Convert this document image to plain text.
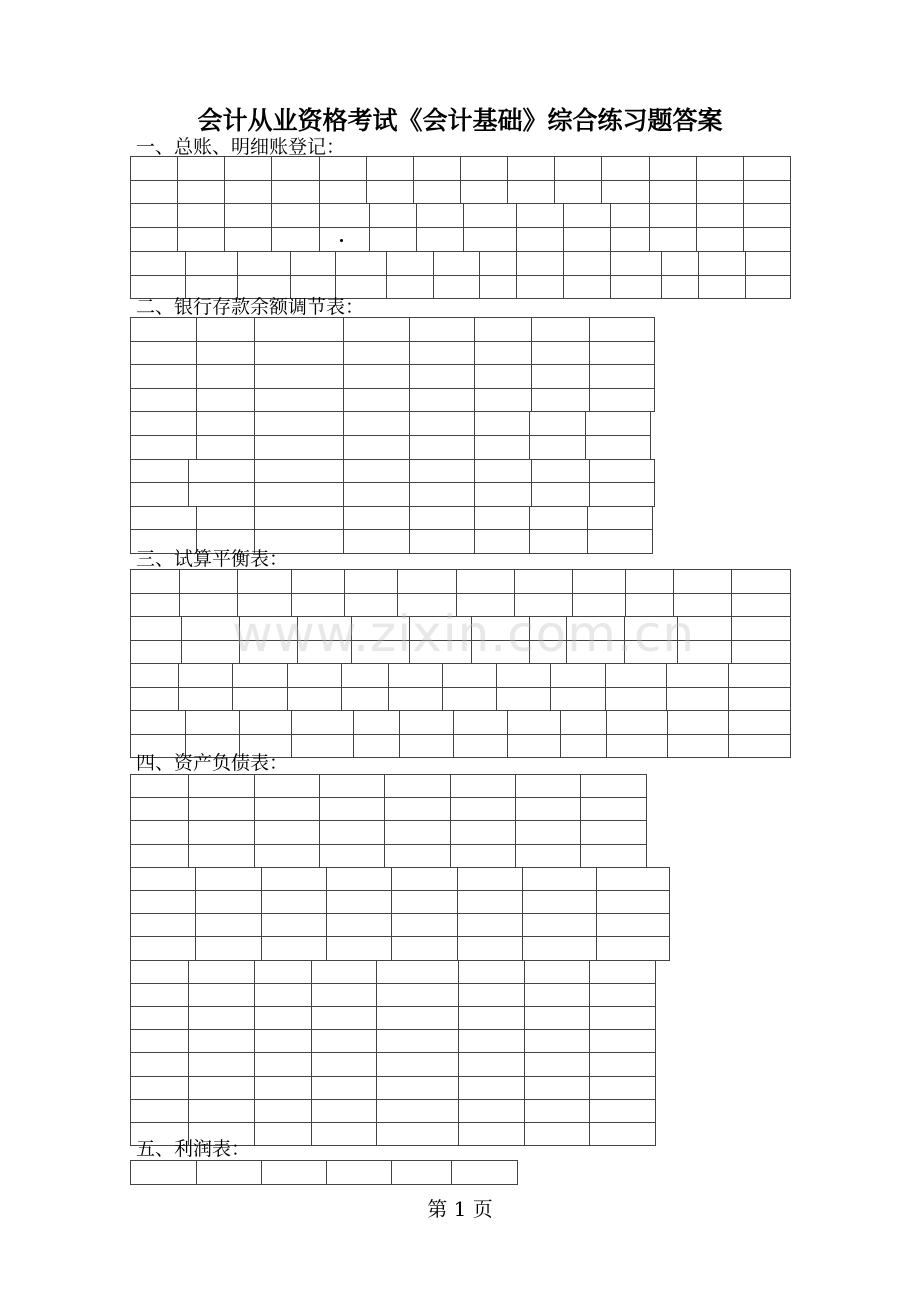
会计从业资格考试《会计基础》综合练习题答案
一、总账、明细账登记：
二、银行存款余额调节表：
三、试算平衡表：
四、资产负债表：
五、利润表：
www.zixin.com.cn
第 1 页
